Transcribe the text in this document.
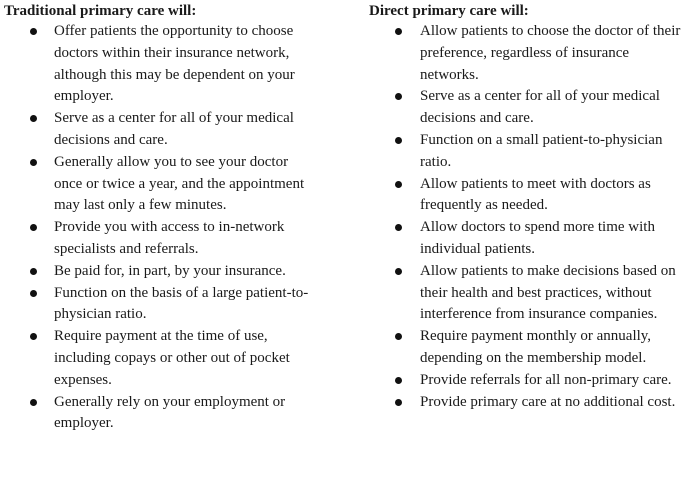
Traditional primary care will:

Offer patients the opportunity to choose doctors within their insurance network, although this may be dependent on your employer.
Serve as a center for all of your medical decisions and care.
Generally allow you to see your doctor once or twice a year, and the appointment may last only a few minutes.
Provide you with access to in-network specialists and referrals.
Be paid for, in part, by your insurance.
Function on the basis of a large patient-to-physician ratio.
Require payment at the time of use, including copays or other out of pocket expenses.
Generally rely on your employment or employer.

Direct primary care will:

Allow patients to choose the doctor of their preference, regardless of insurance networks.
Serve as a center for all of your medical decisions and care.
Function on a small patient-to-physician ratio.
Allow patients to meet with doctors as frequently as needed.
Allow doctors to spend more time with individual patients.
Allow patients to make decisions based on their health and best practices, without interference from insurance companies.
Require payment monthly or annually, depending on the membership model.
Provide referrals for all non-primary care.
Provide primary care at no additional cost.
